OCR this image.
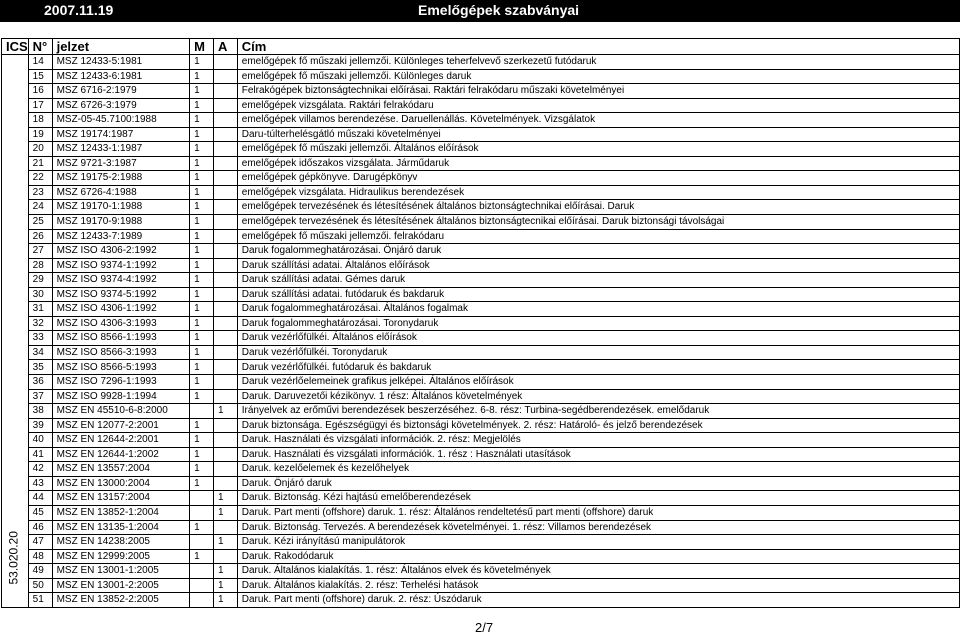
2007.11.19	Emelőgépek szabványai
ICS	N°	jelzet	M	A	Cím

53.020.20	14	MSZ 12433-5:1981	1		emelőgépek fő műszaki jellemzői. Különleges teherfelvevő szerkezetű futódaruk
	15	MSZ 12433-6:1981	1		emelőgépek fő műszaki jellemzői. Különleges daruk
	16	MSZ 6716-2:1979	1		Felrakógépek biztonságtechnikai előírásai. Raktári felrakódaru műszaki követelményei
	17	MSZ 6726-3:1979	1		emelőgépek vizsgálata. Raktári felrakódaru
	18	MSZ-05-45.7100:1988	1		emelőgépek villamos berendezése. Daruellenállás. Követelmények. Vizsgálatok
	19	MSZ 19174:1987	1		Daru-túlterhelésgátló műszaki követelményei
	20	MSZ 12433-1:1987	1		emelőgépek fő műszaki jellemzői. Általános előírások
	21	MSZ 9721-3:1987	1		emelőgépek időszakos vizsgálata. Járműdaruk
	22	MSZ 19175-2:1988	1		emelőgépek gépkönyve. Darugépkönyv
	23	MSZ 6726-4:1988	1		emelőgépek vizsgálata. Hidraulikus berendezések
	24	MSZ 19170-1:1988	1		emelőgépek tervezésének és létesítésének általános biztonságtechnikai előírásai. Daruk
	25	MSZ 19170-9:1988	1		emelőgépek tervezésének és létesítésének általános biztonságtecnikai előírásai. Daruk biztonsági távolságai
	26	MSZ 12433-7:1989	1		emelőgépek fő műszaki jellemzői. felrakódaru
	27	MSZ ISO 4306-2:1992	1		Daruk fogalommeghatározásai. Önjáró daruk
	28	MSZ ISO 9374-1:1992	1		Daruk szállítási adatai. Általános előírások
	29	MSZ ISO 9374-4:1992	1		Daruk szállítási adatai. Gémes daruk
	30	MSZ ISO 9374-5:1992	1		Daruk szállítási adatai. futódaruk és bakdaruk
	31	MSZ ISO 4306-1:1992	1		Daruk fogalommeghatározásai. Általános fogalmak
	32	MSZ ISO 4306-3:1993	1		Daruk fogalommeghatározásai. Toronydaruk
	33	MSZ ISO 8566-1:1993	1		Daruk vezérlőfülkéi. Általános előírások
	34	MSZ ISO 8566-3:1993	1		Daruk vezérlőfülkéi. Toronydaruk
	35	MSZ ISO 8566-5:1993	1		Daruk vezérlőfülkéi. futódaruk és bakdaruk
	36	MSZ ISO 7296-1:1993	1		Daruk vezérlőelemeinek grafikus jelképei. Általános előírások
	37	MSZ ISO 9928-1:1994	1		Daruk. Daruvezetői kézikönyv. 1 rész: Általános követelmények
	38	MSZ EN 45510-6-8:2000		1	Irányelvek az erőművi berendezések beszerzéséhez. 6-8. rész: Turbina-segédberendezések. emelődaruk
	39	MSZ EN 12077-2:2001	1		Daruk biztonsága. Egészségügyi és biztonsági követelmények. 2. rész: Határoló- és jelző berendezések
	40	MSZ EN 12644-2:2001	1		Daruk. Használati és vizsgálati információk. 2. rész: Megjelölés
	41	MSZ EN 12644-1:2002	1		Daruk. Használati és vizsgálati információk. 1. rész : Használati utasítások
	42	MSZ EN 13557:2004	1		Daruk. kezelőelemek és kezelőhelyek
	43	MSZ EN 13000:2004	1		Daruk. Önjáró daruk
	44	MSZ EN 13157:2004		1	Daruk. Biztonság. Kézi hajtású emelőberendezések
	45	MSZ EN 13852-1:2004		1	Daruk. Part menti (offshore) daruk. 1. rész: Általános rendeltetésű part menti (offshore) daruk
	46	MSZ EN 13135-1:2004	1		Daruk. Biztonság. Tervezés. A berendezések követelményei. 1. rész: Villamos berendezések
	47	MSZ EN 14238:2005		1	Daruk. Kézi irányítású manipulátorok
	48	MSZ EN 12999:2005	1		Daruk. Rakodódaruk
	49	MSZ EN 13001-1:2005		1	Daruk. Általános kialakítás. 1. rész: Általános elvek és követelmények
	50	MSZ EN 13001-2:2005		1	Daruk. Általános kialakítás. 2. rész: Terhelési hatások
	51	MSZ EN 13852-2:2005		1	Daruk. Part menti (offshore) daruk. 2. rész: Úszódaruk
2/7
